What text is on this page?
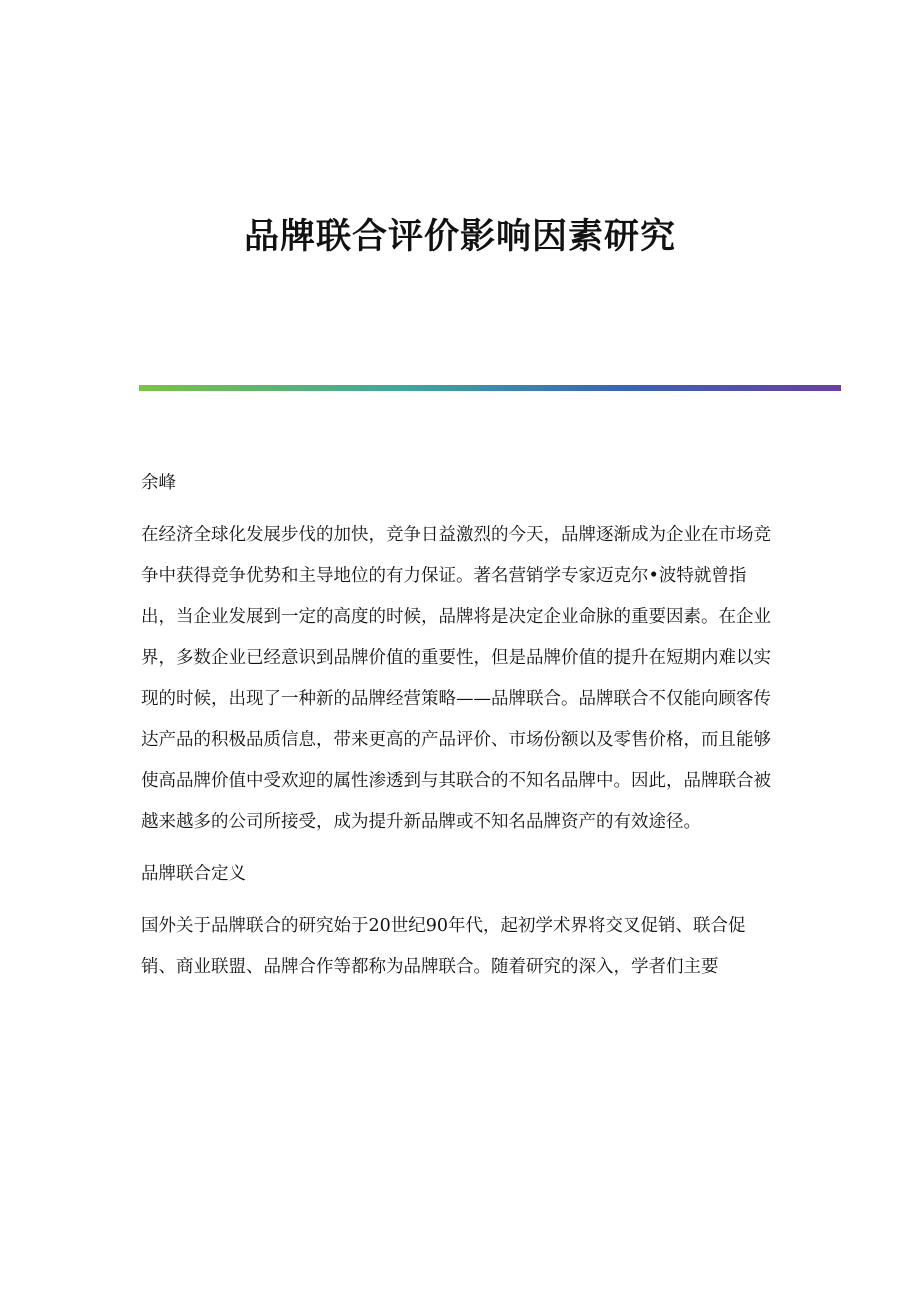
品牌联合评价影响因素研究

余峰

在经济全球化发展步伐的加快，竞争日益激烈的今天，品牌逐渐成为企业在市场竞争中获得竞争优势和主导地位的有力保证。著名营销学专家迈克尔•波特就曾指出，当企业发展到一定的高度的时候，品牌将是决定企业命脉的重要因素。在企业界，多数企业已经意识到品牌价值的重要性，但是品牌价值的提升在短期内难以实现的时候，出现了一种新的品牌经营策略——品牌联合。品牌联合不仅能向顾客传达产品的积极品质信息，带来更高的产品评价、市场份额以及零售价格，而且能够使高品牌价值中受欢迎的属性渗透到与其联合的不知名品牌中。因此，品牌联合被越来越多的公司所接受，成为提升新品牌或不知名品牌资产的有效途径。

品牌联合定义

国外关于品牌联合的研究始于20世纪90年代，起初学术界将交叉促销、联合促销、商业联盟、品牌合作等都称为品牌联合。随着研究的深入，学者们主要
